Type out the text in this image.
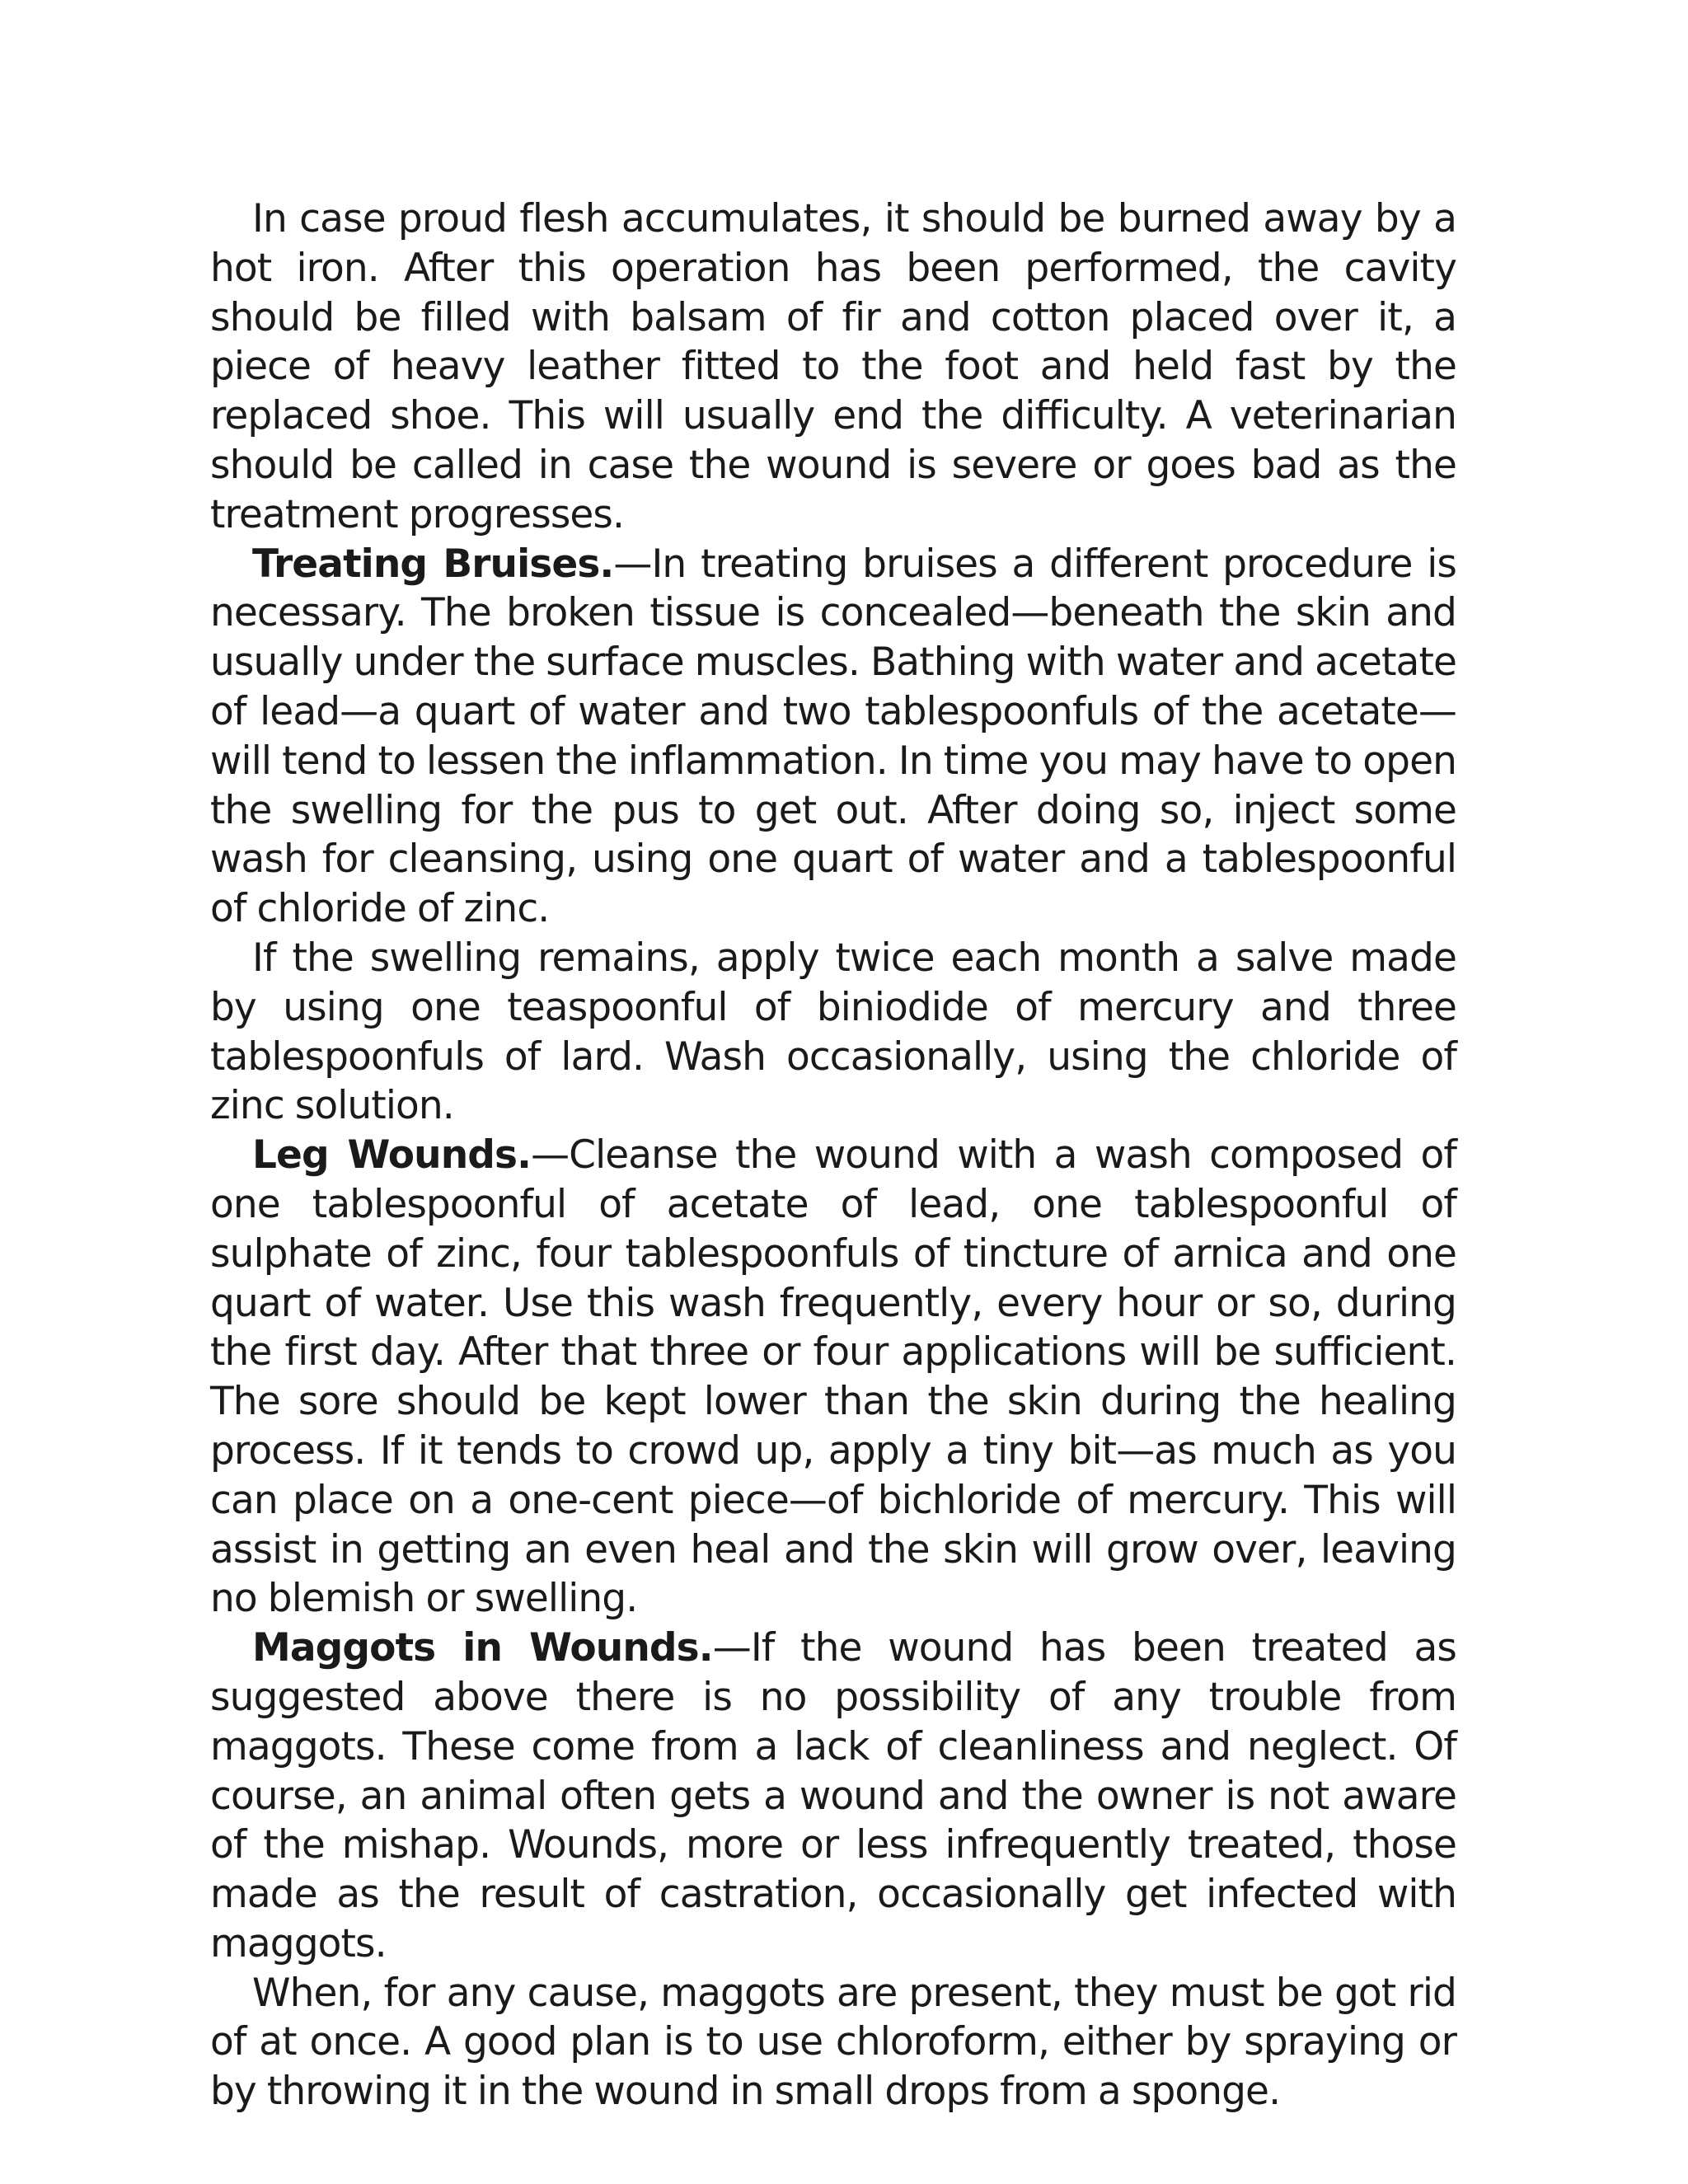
In case proud flesh accumulates, it should be burned away by a hot iron. After this operation has been performed, the cavity should be filled with balsam of fir and cotton placed over it, a piece of heavy leather fitted to the foot and held fast by the replaced shoe. This will usually end the difficulty. A veterinarian should be called in case the wound is severe or goes bad as the treatment progresses.

Treating Bruises.—In treating bruises a different procedure is necessary. The broken tissue is concealed—beneath the skin and usually under the surface muscles. Bathing with water and acetate of lead—a quart of water and two tablespoonfuls of the acetate—will tend to lessen the inflammation. In time you may have to open the swelling for the pus to get out. After doing so, inject some wash for cleansing, using one quart of water and a tablespoonful of chloride of zinc.

If the swelling remains, apply twice each month a salve made by using one teaspoonful of biniodide of mercury and three tablespoonfuls of lard. Wash occasionally, using the chloride of zinc solution.

Leg Wounds.—Cleanse the wound with a wash composed of one tablespoonful of acetate of lead, one tablespoonful of sulphate of zinc, four tablespoonfuls of tincture of arnica and one quart of water. Use this wash frequently, every hour or so, during the first day. After that three or four applications will be sufficient. The sore should be kept lower than the skin during the healing process. If it tends to crowd up, apply a tiny bit—as much as you can place on a one-cent piece—of bichloride of mercury. This will assist in getting an even heal and the skin will grow over, leaving no blemish or swelling.

Maggots in Wounds.—If the wound has been treated as suggested above there is no possibility of any trouble from maggots. These come from a lack of cleanliness and neglect. Of course, an animal often gets a wound and the owner is not aware of the mishap. Wounds, more or less infrequently treated, those made as the result of castration, occasionally get infected with maggots.

When, for any cause, maggots are present, they must be got rid of at once. A good plan is to use chloroform, either by spraying or by throwing it in the wound in small drops from a sponge.
